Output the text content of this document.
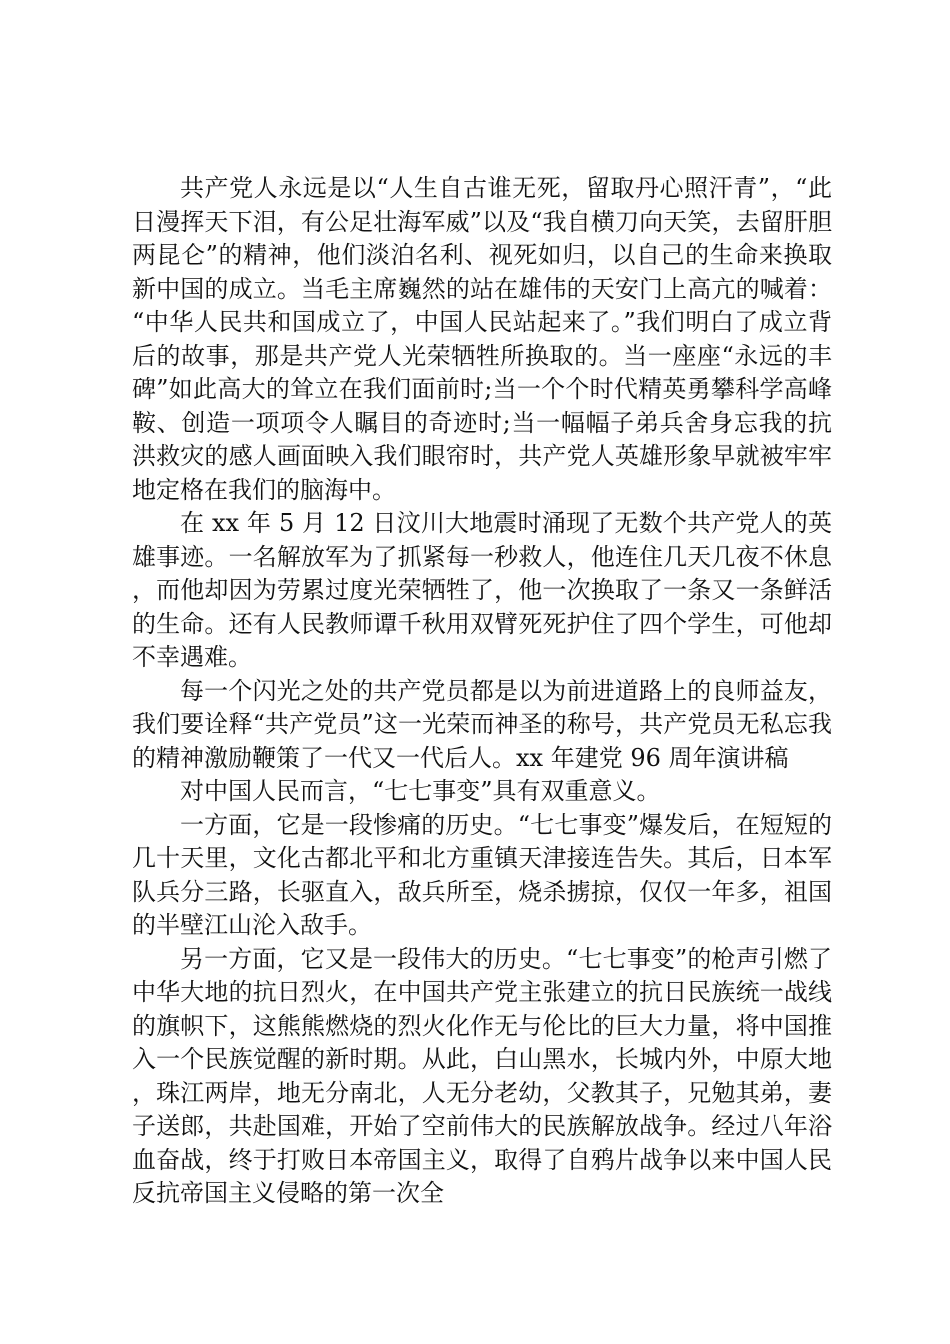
共产党人永远是以“人生自古谁无死，留取丹心照汗青”，“此日漫挥天下泪，有公足壮海军威”以及“我自横刀向天笑，去留肝胆两昆仑”的精神，他们淡泊名利、视死如归，以自己的生命来换取新中国的成立。当毛主席巍然的站在雄伟的天安门上高亢的喊着：“中华人民共和国成立了，中国人民站起来了。”我们明白了成立背后的故事，那是共产党人光荣牺牲所换取的。当一座座“永远的丰碑”如此高大的耸立在我们面前时;当一个个时代精英勇攀科学高峰鞍、创造一项项令人瞩目的奇迹时;当一幅幅子弟兵舍身忘我的抗洪救灾的感人画面映入我们眼帘时，共产党人英雄形象早就被牢牢地定格在我们的脑海中。

在 xx 年 5 月 12 日汶川大地震时涌现了无数个共产党人的英雄事迹。一名解放军为了抓紧每一秒救人，他连住几天几夜不休息，而他却因为劳累过度光荣牺牲了，他一次换取了一条又一条鲜活的生命。还有人民教师谭千秋用双臂死死护住了四个学生，可他却不幸遇难。

每一个闪光之处的共产党员都是以为前进道路上的良师益友，我们要诠释“共产党员”这一光荣而神圣的称号，共产党员无私忘我的精神激励鞭策了一代又一代后人。xx 年建党 96 周年演讲稿

对中国人民而言，“七七事变”具有双重意义。

一方面，它是一段惨痛的历史。“七七事变”爆发后，在短短的几十天里，文化古都北平和北方重镇天津接连告失。其后，日本军队兵分三路，长驱直入，敌兵所至，烧杀掳掠，仅仅一年多，祖国的半壁江山沦入敌手。

另一方面，它又是一段伟大的历史。“七七事变”的枪声引燃了中华大地的抗日烈火，在中国共产党主张建立的抗日民族统一战线的旗帜下，这熊熊燃烧的烈火化作无与伦比的巨大力量，将中国推入一个民族觉醒的新时期。从此，白山黑水，长城内外，中原大地，珠江两岸，地无分南北，人无分老幼，父教其子，兄勉其弟，妻子送郎，共赴国难，开始了空前伟大的民族解放战争。经过八年浴血奋战，终于打败日本帝国主义，取得了自鸦片战争以来中国人民反抗帝国主义侵略的第一次全
